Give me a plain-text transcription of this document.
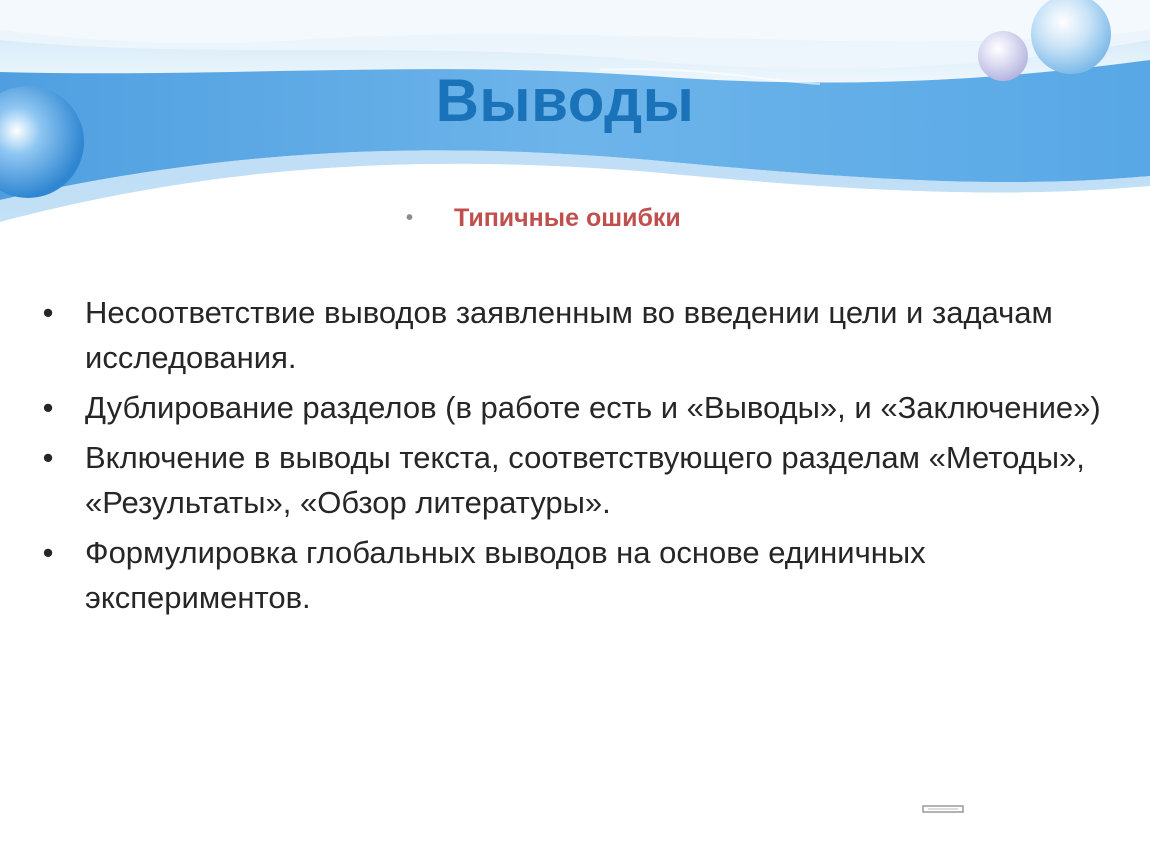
Выводы
•	Типичные ошибки
• Несоответствие выводов заявленным во введении цели и задачам исследования.
• Дублирование разделов (в работе есть и «Выводы», и «Заключение»)
• Включение в выводы текста, соответствующего разделам «Методы», «Результаты», «Обзор литературы».
• Формулировка глобальных выводов на основе единичных экспериментов.
